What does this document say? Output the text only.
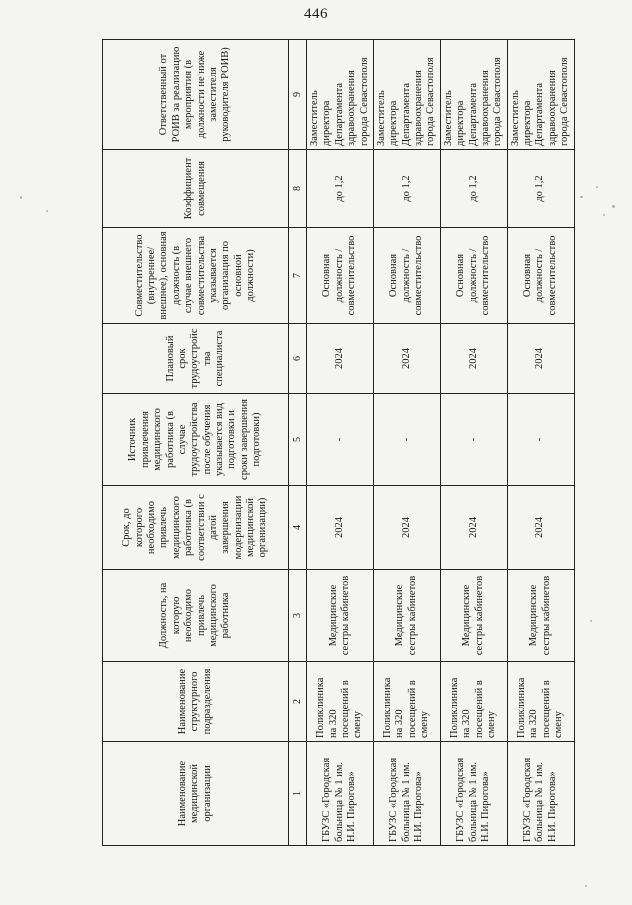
446
Наименование медицинской организации	Наименование структурного подразделения	Должность, на которую необходимо привлечь медицинского работника	Срок, до которого необходимо привлечь медицинского работника (в соответствии с датой завершения модернизации медицинской организации)	Источник привлечения медицинского работника (в случае трудоустройства после обучения указывается вид подготовки и сроки завершения подготовки)	Плановый срок трудоустройства специалиста	Совместительство (внутреннее/внешнее), основная должность (в случае внешнего совместительства указывается организация по основной должности)	Коэффициент совмещения	Ответственный от РОИВ за реализацию мероприятия (в должности не ниже заместителя руководителя РОИВ)
1	2	3	4	5	6	7	8	9
ГБУЗС «Городская больница № 1 им. Н.И. Пирогова»	Поликлиника на 320 посещений в смену	Медицинские сестры кабинетов	2024	-	2024	Основная должность / совместительство	до 1,2	Заместитель директора Департамента здравоохранения города Севастополя
ГБУЗС «Городская больница № 1 им. Н.И. Пирогова»	Поликлиника на 320 посещений в смену	Медицинские сестры кабинетов	2024	-	2024	Основная должность / совместительство	до 1,2	Заместитель директора Департамента здравоохранения города Севастополя
ГБУЗС «Городская больница № 1 им. Н.И. Пирогова»	Поликлиника на 320 посещений в смену	Медицинские сестры кабинетов	2024	-	2024	Основная должность / совместительство	до 1,2	Заместитель директора Департамента здравоохранения города Севастополя
ГБУЗС «Городская больница № 1 им. Н.И. Пирогова»	Поликлиника на 320 посещений в смену	Медицинские сестры кабинетов	2024	-	2024	Основная должность / совместительство	до 1,2	Заместитель директора Департамента здравоохранения города Севастополя
